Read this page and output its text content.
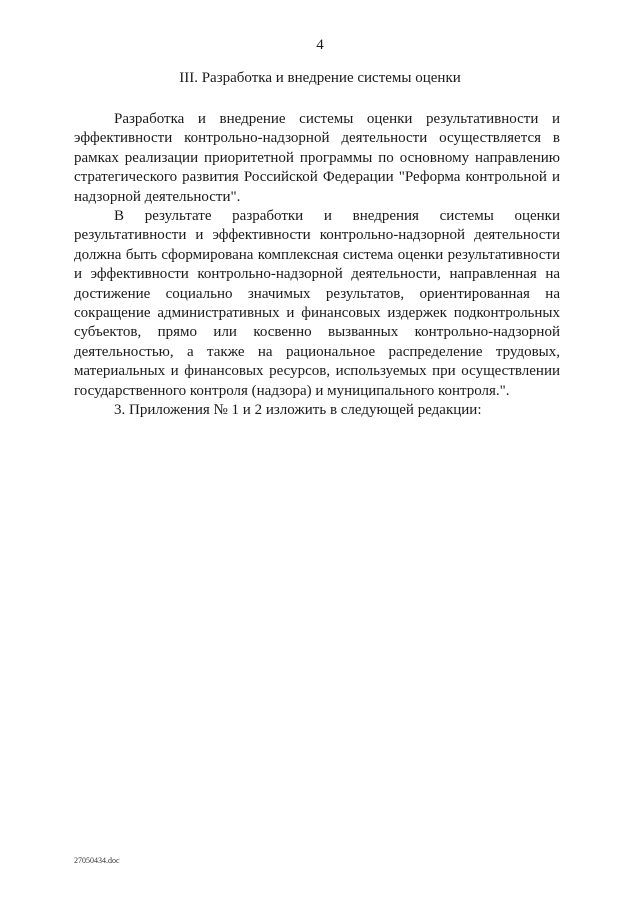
4
III. Разработка и внедрение системы оценки

Разработка и внедрение системы оценки результативности и эффективности контрольно-надзорной деятельности осуществляется в рамках реализации приоритетной программы по основному направлению стратегического развития Российской Федерации "Реформа контрольной и надзорной деятельности".

В результате разработки и внедрения системы оценки результативности и эффективности контрольно-надзорной деятельности должна быть сформирована комплексная система оценки результативности и эффективности контрольно-надзорной деятельности, направленная на достижение социально значимых результатов, ориентированная на сокращение административных и финансовых издержек подконтрольных субъектов, прямо или косвенно вызванных контрольно-надзорной деятельностью, а также на рациональное распределение трудовых, материальных и финансовых ресурсов, используемых при осуществлении государственного контроля (надзора) и муниципального контроля.".

3. Приложения № 1 и 2 изложить в следующей редакции:

27050434.doc
